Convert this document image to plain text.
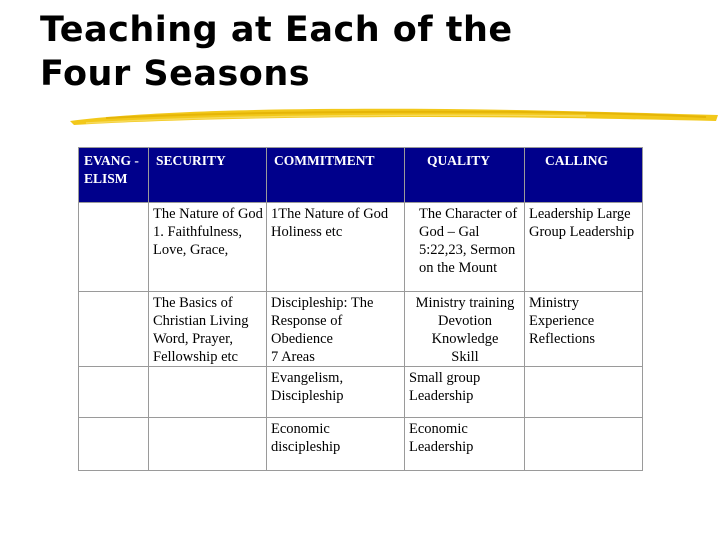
Teaching at Each of the
Four Seasons
EVANG -ELISM	SECURITY	COMMITMENT	QUALITY	CALLING
	The Nature of God
1. Faithfulness,
Love, Grace,	1The Nature of God Holiness etc	The Character of God – Gal 5:22,23, Sermon on the Mount	Leadership Large Group Leadership
	The Basics of Christian Living Word, Prayer, Fellowship etc	Discipleship: The Response of Obedience
7 Areas	Ministry training
Devotion
Knowledge
Skill	Ministry Experience Reflections
		Evangelism, Discipleship	Small group Leadership	
		Economic discipleship	Economic Leadership	
